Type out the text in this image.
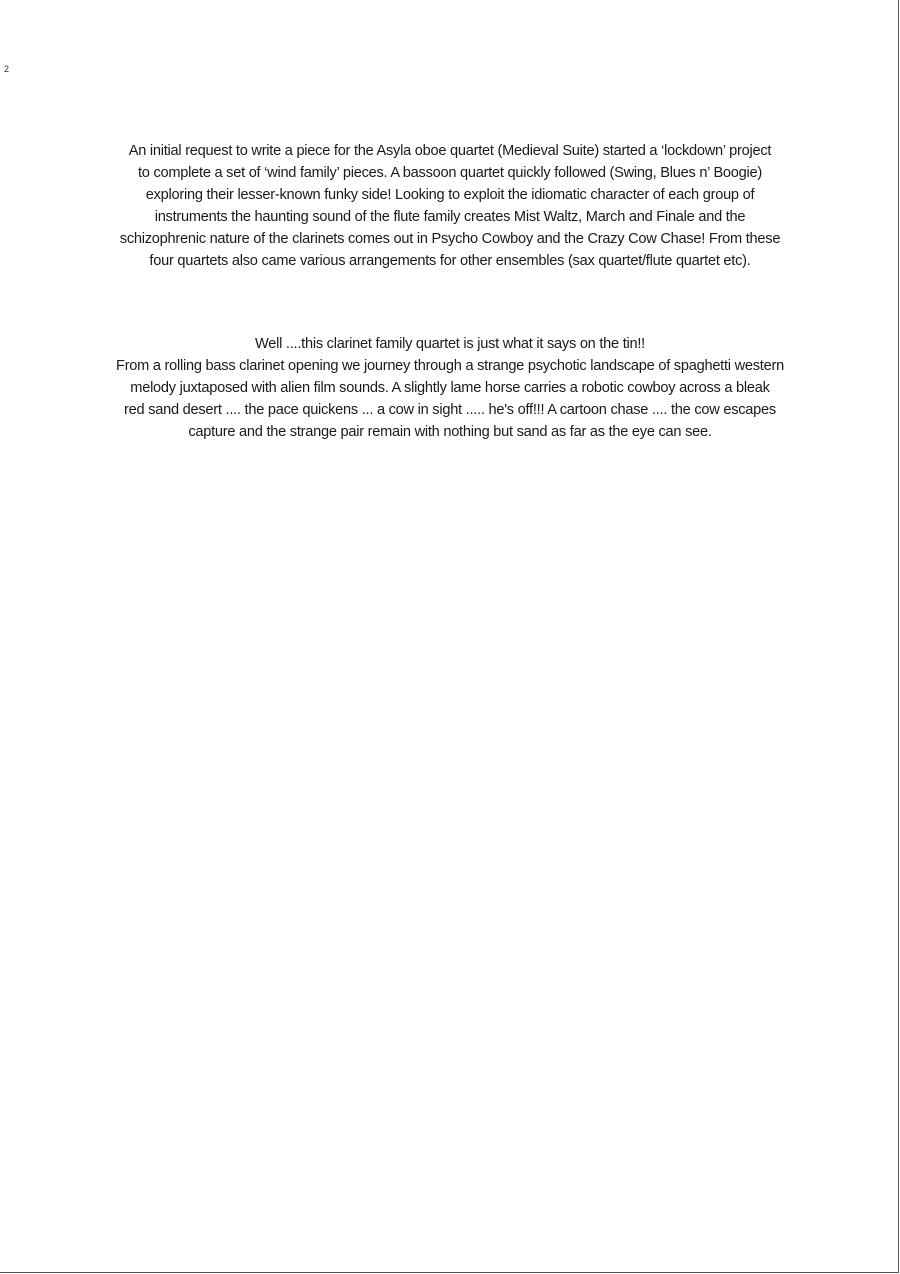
2
An initial request to write a piece for the Asyla oboe quartet (Medieval Suite) started a ‘lockdown’ project
to complete a set of ‘wind family’ pieces. A bassoon quartet quickly followed (Swing, Blues n’ Boogie)
exploring their lesser-known funky side! Looking to exploit the idiomatic character of each group of
instruments the haunting sound of the flute family creates Mist Waltz, March and Finale and the
schizophrenic nature of the clarinets comes out in Psycho Cowboy and the Crazy Cow Chase! From these
four quartets also came various arrangements for other ensembles (sax quartet/flute quartet etc).
Well ....this clarinet family quartet is just what it says on the tin!!
From a rolling bass clarinet opening we journey through a strange psychotic landscape of spaghetti western
melody juxtaposed with alien film sounds. A slightly lame horse carries a robotic cowboy across a bleak
red sand desert .... the pace quickens ... a cow in sight ..... he's off!!! A cartoon chase .... the cow escapes
capture and the strange pair remain with nothing but sand as far as the eye can see.
